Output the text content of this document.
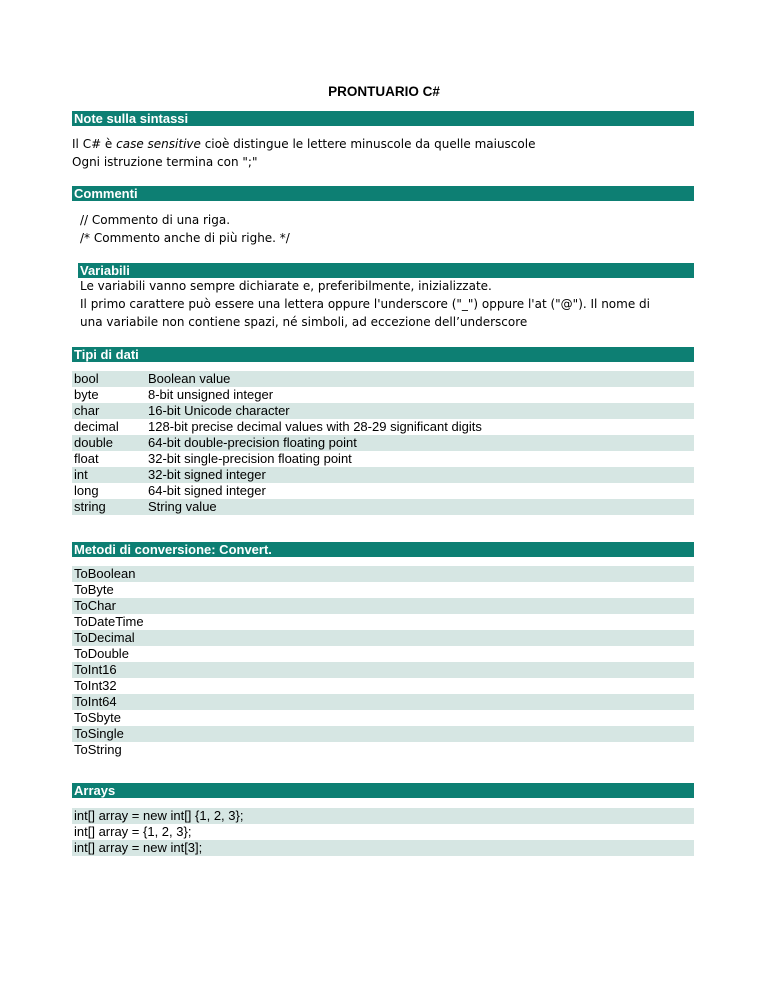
PRONTUARIO C#
Note sulla sintassi
Il C# è case sensitive cioè distingue le lettere minuscole da quelle maiuscole
Ogni istruzione termina con ";"
Commenti
// Commento di una riga.
/* Commento anche di più righe. */
Variabili
Le variabili vanno sempre dichiarate e, preferibilmente, inizializzate.
Il primo carattere può essere una lettera oppure l'underscore ("_") oppure l'at ("@"). Il nome di
una variabile non contiene spazi, né simboli, ad eccezione dell’underscore
Tipi di dati
bool	Boolean value
byte	8-bit unsigned integer
char	16-bit Unicode character
decimal 128-bit precise decimal values with 28-29 significant digits
double	64-bit double-precision floating point
float	32-bit single-precision floating point
int	32-bit signed integer
long	64-bit signed integer
string	String value
Metodi di conversione: Convert.
ToBoolean
ToByte
ToChar
ToDateTime
ToDecimal
ToDouble
ToInt16
ToInt32
ToInt64
ToSbyte
ToSingle
ToString
Arrays
int[] array = new int[] {1, 2, 3};
int[] array = {1, 2, 3};
int[] array = new int[3];
